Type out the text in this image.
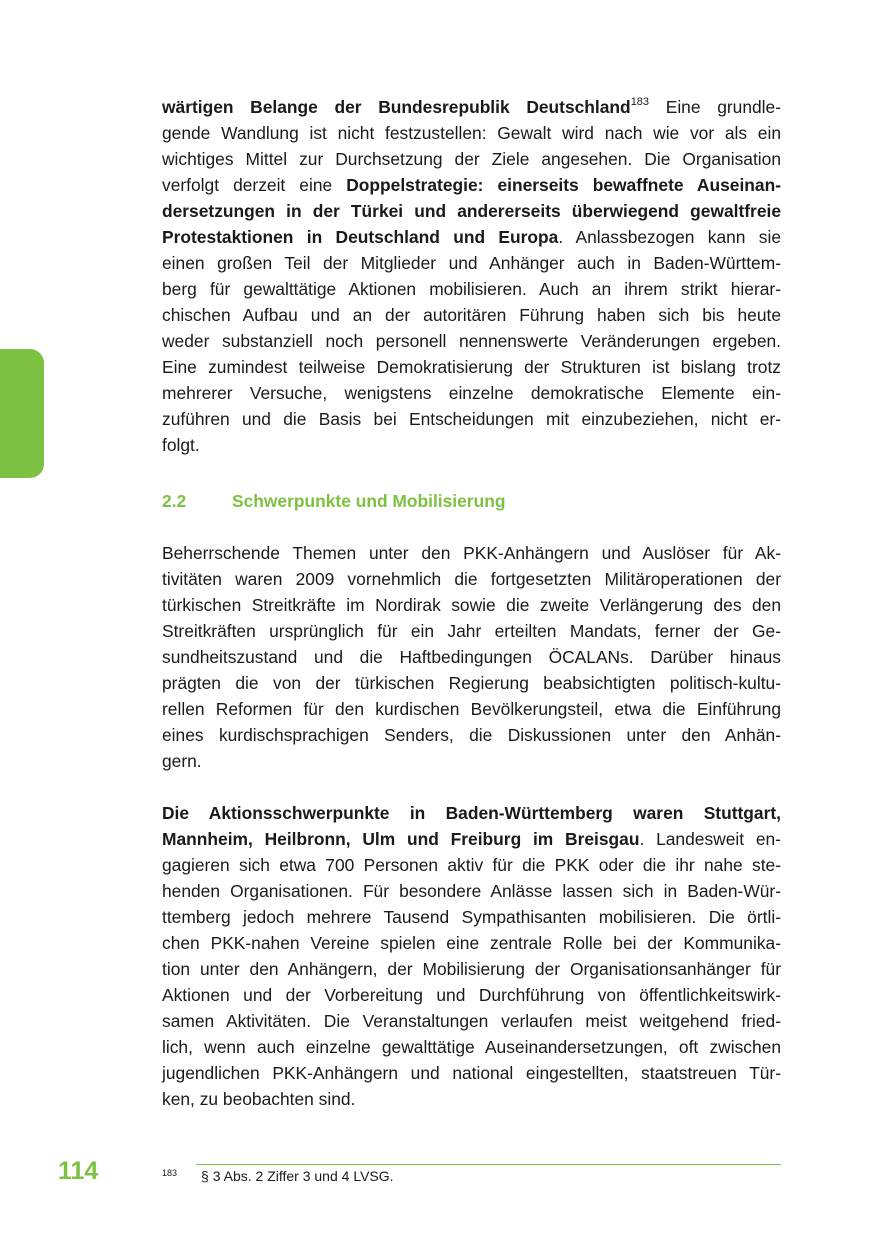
wärtigen Belange der Bundesrepublik Deutschland$^{183}$ Eine grundle-
gende Wandlung ist nicht festzustellen: Gewalt wird nach wie vor als ein
wichtiges Mittel zur Durchsetzung der Ziele angesehen. Die Organisation
verfolgt derzeit eine Doppelstrategie: einerseits bewaffnete Auseinan-
dersetzungen in der Türkei und andererseits überwiegend gewaltfreie
Protestaktionen in Deutschland und Europa. Anlassbezogen kann sie
einen großen Teil der Mitglieder und Anhänger auch in Baden-Württem-
berg für gewalttätige Aktionen mobilisieren. Auch an ihrem strikt hierar-
chischen Aufbau und an der autoritären Führung haben sich bis heute
weder substanziell noch personell nennenswerte Veränderungen ergeben.
Eine zumindest teilweise Demokratisierung der Strukturen ist bislang trotz
mehrerer Versuche, wenigstens einzelne demokratische Elemente ein-
zuführen und die Basis bei Entscheidungen mit einzubeziehen, nicht er-
folgt.

2.2	Schwerpunkte und Mobilisierung

Beherrschende Themen unter den PKK-Anhängern und Auslöser für Ak-
tivitäten waren 2009 vornehmlich die fortgesetzten Militäroperationen der
türkischen Streitkräfte im Nordirak sowie die zweite Verlängerung des den
Streitkräften ursprünglich für ein Jahr erteilten Mandats, ferner der Ge-
sundheitszustand und die Haftbedingungen ÖCALANs. Darüber hinaus
prägten die von der türkischen Regierung beabsichtigten politisch-kultu-
rellen Reformen für den kurdischen Bevölkerungsteil, etwa die Einführung
eines kurdischsprachigen Senders, die Diskussionen unter den Anhän-
gern.

Die Aktionsschwerpunkte in Baden-Württemberg waren Stuttgart,
Mannheim, Heilbronn, Ulm und Freiburg im Breisgau. Landesweit en-
gagieren sich etwa 700 Personen aktiv für die PKK oder die ihr nahe ste-
henden Organisationen. Für besondere Anlässe lassen sich in Baden-Wür-
ttemberg jedoch mehrere Tausend Sympathisanten mobilisieren. Die örtli-
chen PKK-nahen Vereine spielen eine zentrale Rolle bei der Kommunika-
tion unter den Anhängern, der Mobilisierung der Organisationsanhänger für
Aktionen und der Vorbereitung und Durchführung von öffentlichkeitswirk-
samen Aktivitäten. Die Veranstaltungen verlaufen meist weitgehend fried-
lich, wenn auch einzelne gewalttätige Auseinandersetzungen, oft zwischen
jugendlichen PKK-Anhängern und national eingestellten, staatstreuen Tür-
ken, zu beobachten sind.

114	$^{183}$ § 3 Abs. 2 Ziffer 3 und 4 LVSG.
